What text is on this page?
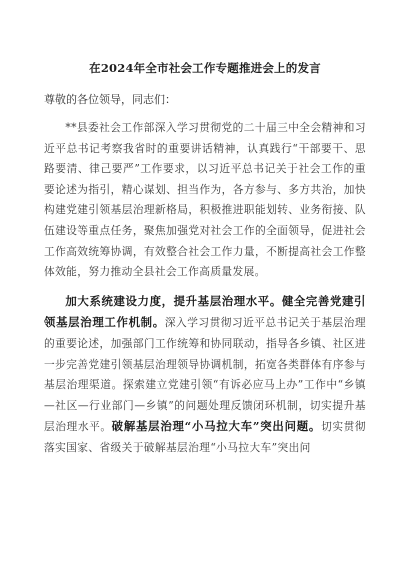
在2024年全市社会工作专题推进会上的发言
尊敬的各位领导，同志们：

**县委社会工作部深入学习贯彻党的二十届三中全会精神和习近平总书记考察我省时的重要讲话精神，认真践行“干部要干、思路要清、律己要严”工作要求，以习近平总书记关于社会工作的重要论述为指引，精心谋划、担当作为，各方参与、多方共治，加快构建党建引领基层治理新格局，积极推进职能划转、业务衔接、队伍建设等重点任务，聚焦加强党对社会工作的全面领导，促进社会工作高效统筹协调，有效整合社会工作力量，不断提高社会工作整体效能，努力推动全县社会工作高质量发展。

加大系统建设力度，提升基层治理水平。健全完善党建引领基层治理工作机制。深入学习贯彻习近平总书记关于基层治理的重要论述，加强部门工作统筹和协同联动，指导各乡镇、社区进一步完善党建引领基层治理领导协调机制，拓宽各类群体有序参与基层治理渠道。探索建立党建引领“有诉必应马上办”工作中“乡镇—社区—行业部门—乡镇”的问题处理反馈闭环机制，切实提升基层治理水平。破解基层治理“小马拉大车”突出问题。切实贯彻落实国家、省级关于破解基层治理“小马拉大车”突出问
